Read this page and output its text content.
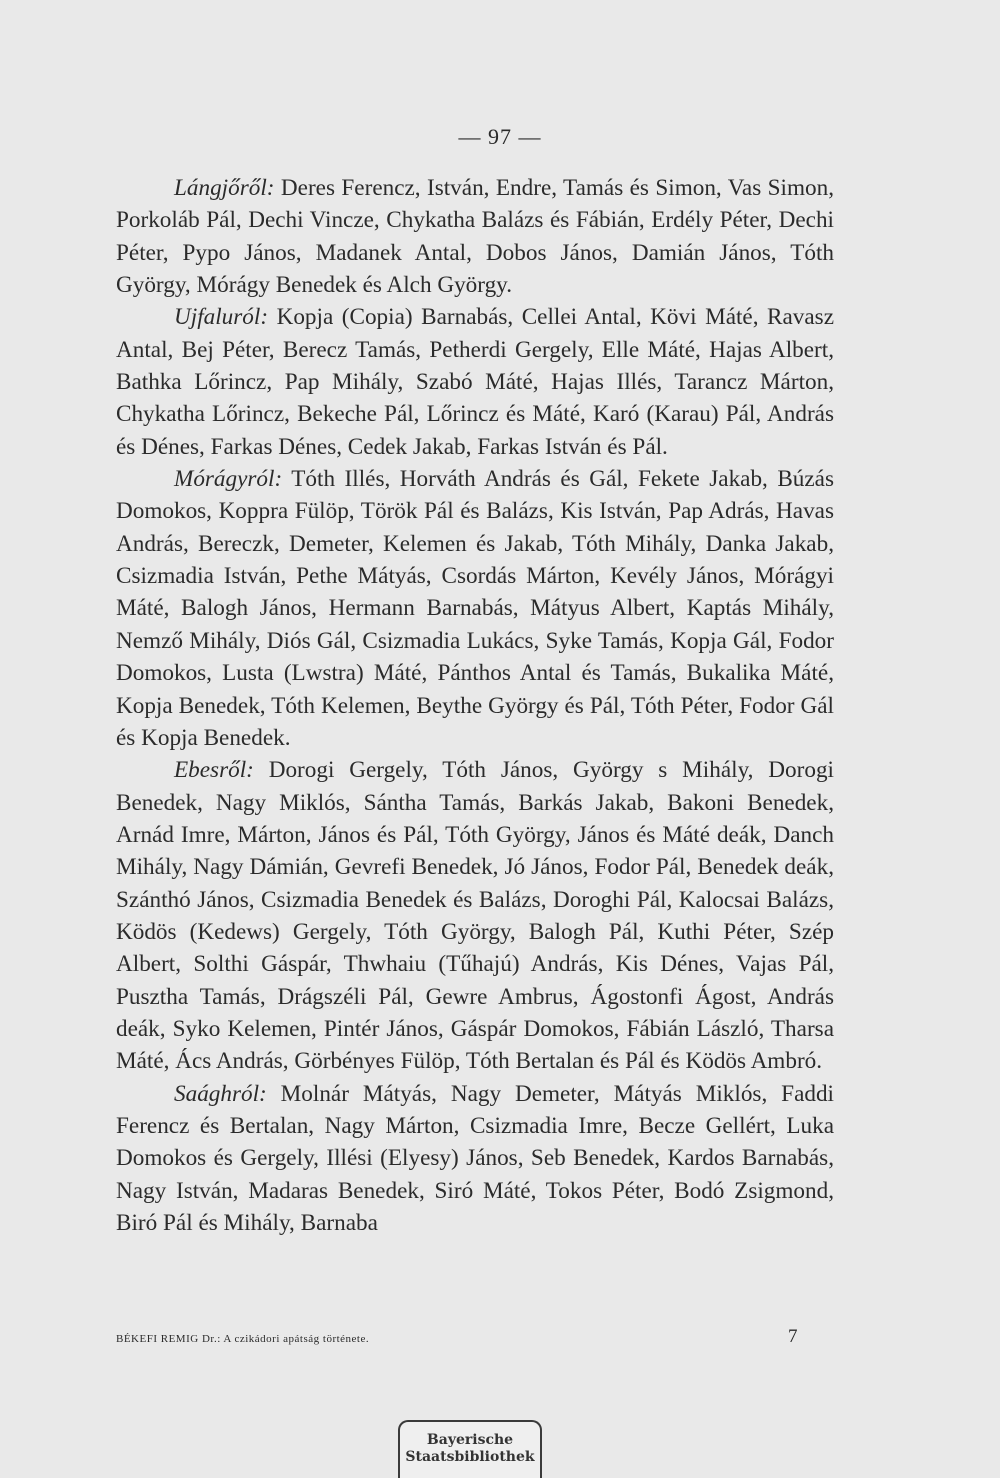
— 97 —

Lángjőről: Deres Ferencz, István, Endre, Tamás és Simon, Vas Simon, Porkoláb Pál, Dechi Vincze, Chykatha Balázs és Fábián, Erdély Péter, Dechi Péter, Pypo János, Madanek Antal, Dobos János, Damián János, Tóth György, Mórágy Benedek és Alch György.

Ujfaluról: Kopja (Copia) Barnabás, Cellei Antal, Kövi Máté, Ravasz Antal, Bej Péter, Berecz Tamás, Petherdi Gergely, Elle Máté, Hajas Albert, Bathka Lőrincz, Pap Mihály, Szabó Máté, Hajas Illés, Tarancz Márton, Chykatha Lőrincz, Bekeche Pál, Lőrincz és Máté, Karó (Karau) Pál, András és Dénes, Farkas Dénes, Cedek Jakab, Farkas István és Pál.

Mórágyról: Tóth Illés, Horváth András és Gál, Fekete Jakab, Búzás Domokos, Koppra Fülöp, Török Pál és Balázs, Kis István, Pap Adrás, Havas András, Bereczk, Demeter, Kelemen és Jakab, Tóth Mihály, Danka Jakab, Csizmadia István, Pethe Mátyás, Csordás Márton, Kevély János, Mórágyi Máté, Balogh János, Hermann Barnabás, Mátyus Albert, Kaptás Mihály, Nemző Mihály, Diós Gál, Csizmadia Lukács, Syke Tamás, Kopja Gál, Fodor Domokos, Lusta (Lwstra) Máté, Pánthos Antal és Tamás, Bukalika Máté, Kopja Benedek, Tóth Kelemen, Beythe György és Pál, Tóth Péter, Fodor Gál és Kopja Benedek.

Ebesről: Dorogi Gergely, Tóth János, György s Mihály, Dorogi Benedek, Nagy Miklós, Sántha Tamás, Barkás Jakab, Bakoni Benedek, Arnád Imre, Márton, János és Pál, Tóth György, János és Máté deák, Danch Mihály, Nagy Dámián, Gevrefi Benedek, Jó János, Fodor Pál, Benedek deák, Szánthó János, Csizmadia Benedek és Balázs, Doroghi Pál, Kalocsai Balázs, Ködös (Kedews) Gergely, Tóth György, Balogh Pál, Kuthi Péter, Szép Albert, Solthi Gáspár, Thwhaiu (Tűhajú) András, Kis Dénes, Vajas Pál, Pusztha Tamás, Drágszéli Pál, Gewre Ambrus, Ágostonfi Ágost, András deák, Syko Kelemen, Pintér János, Gáspár Domokos, Fábián László, Tharsa Máté, Ács András, Görbényes Fülöp, Tóth Bertalan és Pál és Ködös Ambró.

Saághról: Molnár Mátyás, Nagy Demeter, Mátyás Miklós, Faddi Ferencz és Bertalan, Nagy Márton, Csizmadia Imre, Becze Gellért, Luka Domokos és Gergely, Illési (Elyesy) János, Seb Benedek, Kardos Barnabás, Nagy István, Madaras Benedek, Siró Máté, Tokos Péter, Bodó Zsigmond, Biró Pál és Mihály, Barnaba

BÉKEFI REMIG Dr.: A czikádori apátság története.	7
Bayerische
Staatsbibliothek
